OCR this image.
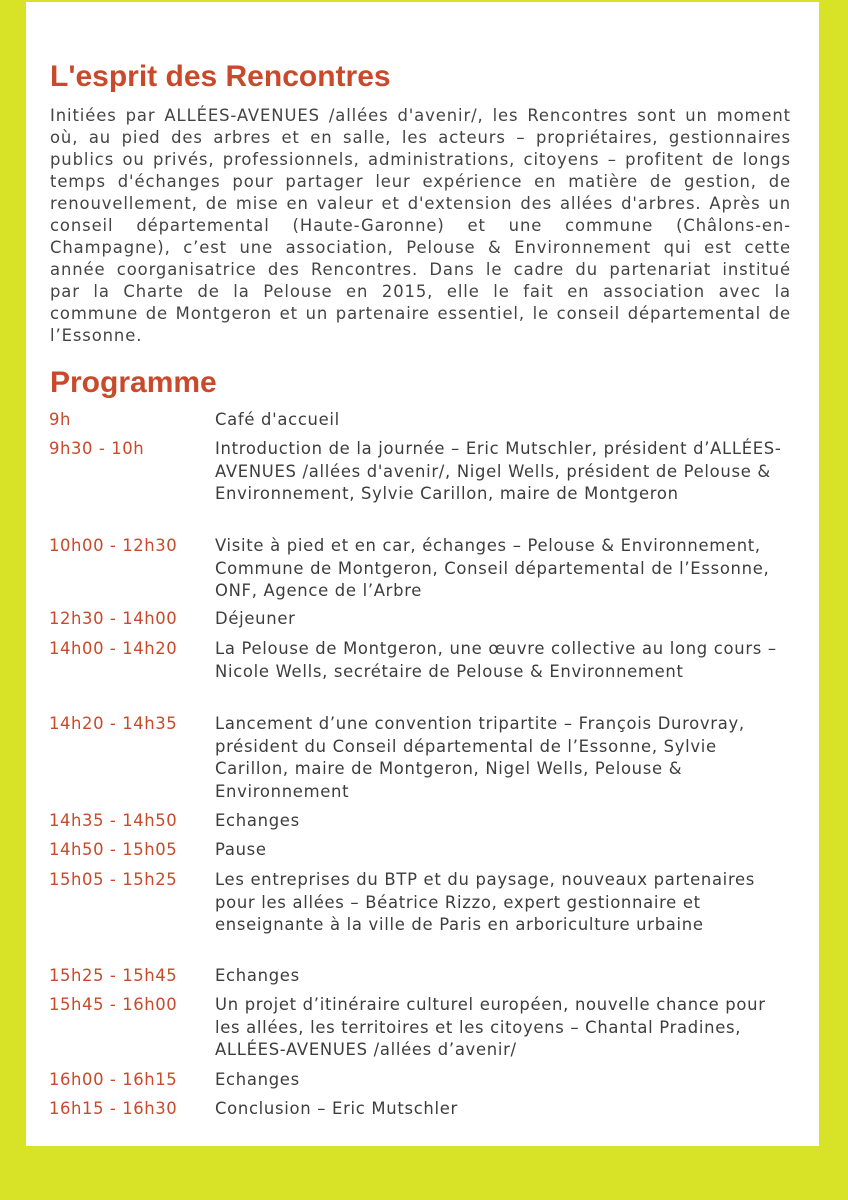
L'esprit des Rencontres

Initiées par ALLÉES-AVENUES /allées d'avenir/, les Rencontres sont un moment où, au pied des arbres et en salle, les acteurs – propriétaires, gestionnaires publics ou privés, professionnels, administrations, citoyens – profitent de longs temps d'échanges pour partager leur expérience en matière de gestion, de renouvellement, de mise en valeur et d'extension des allées d'arbres. Après un conseil départemental (Haute-Garonne) et une commune (Châlons-en-Champagne), c’est une association, Pelouse & Environnement qui est cette année coorganisatrice des Rencontres. Dans le cadre du partenariat institué par la Charte de la Pelouse en 2015, elle le fait en association avec la commune de Montgeron et un partenaire essentiel, le conseil départemental de l’Essonne.

Programme
9h	Café d'accueil
9h30 - 10h	Introduction de la journée – Eric Mutschler, président d’ALLÉES-AVENUES /allées d'avenir/, Nigel Wells, président de Pelouse & Environnement, Sylvie Carillon, maire de Montgeron
10h00 - 12h30 Visite à pied et en car, échanges – Pelouse & Environnement, Commune de Montgeron, Conseil départemental de l’Essonne, ONF, Agence de l’Arbre
12h30 - 14h00 Déjeuner
14h00 - 14h20 La Pelouse de Montgeron, une œuvre collective au long cours – Nicole Wells, secrétaire de Pelouse & Environnement
14h20 - 14h35 Lancement d’une convention tripartite – François Durovray, président du Conseil départemental de l’Essonne, Sylvie Carillon, maire de Montgeron, Nigel Wells, Pelouse & Environnement
14h35 - 14h50 Echanges
14h50 - 15h05 Pause
15h05 - 15h25 Les entreprises du BTP et du paysage, nouveaux partenaires pour les allées – Béatrice Rizzo, expert gestionnaire et enseignante à la ville de Paris en arboriculture urbaine
15h25 - 15h45 Echanges
15h45 - 16h00 Un projet d’itinéraire culturel européen, nouvelle chance pour les allées, les territoires et les citoyens – Chantal Pradines, ALLÉES-AVENUES /allées d’avenir/
16h00 - 16h15 Echanges
16h15 - 16h30 Conclusion – Eric Mutschler
